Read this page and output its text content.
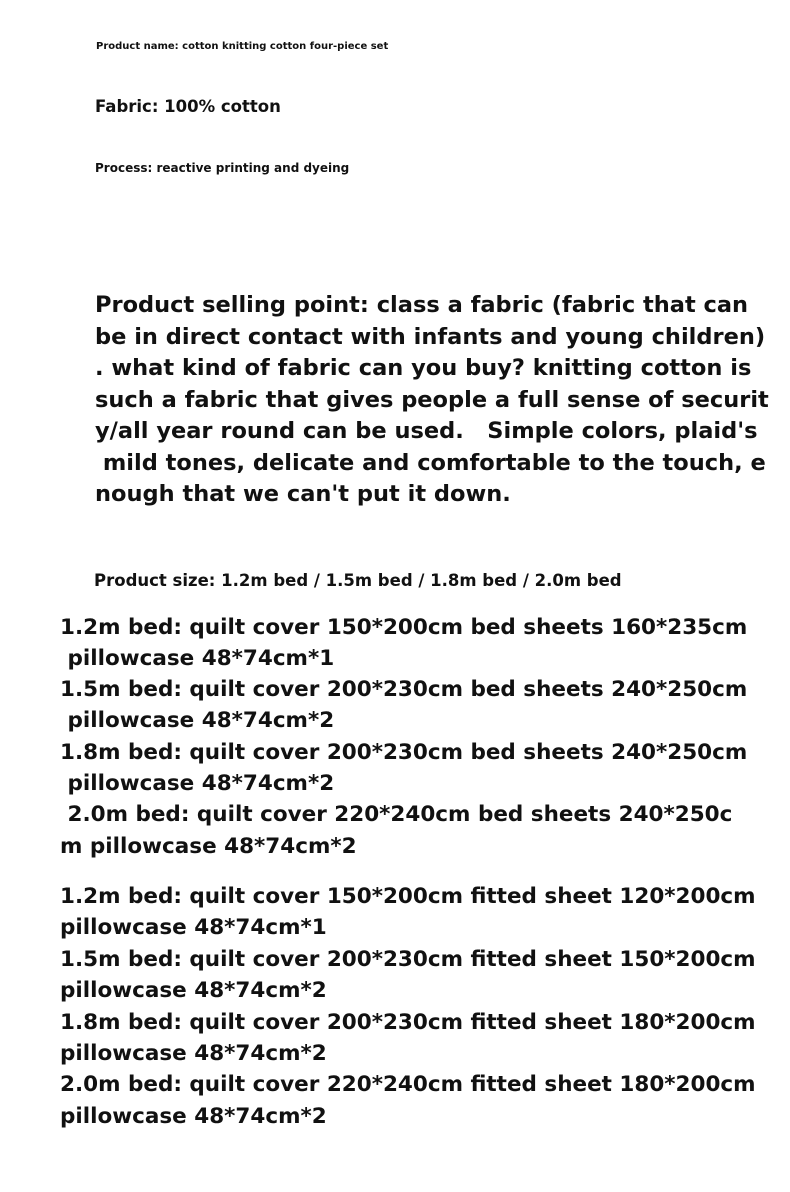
Product name: cotton knitting cotton four-piece set

Fabric: 100% cotton

Process: reactive printing and dyeing

Product selling point: class a fabric (fabric that can

be in direct contact with infants and young children)

. what kind of fabric can you buy? knitting cotton is

such a fabric that gives people a full sense of securit

y/all year round can be used.   Simple colors, plaid's

mild tones, delicate and comfortable to the touch, e

nough that we can't put it down.

Product size: 1.2m bed / 1.5m bed / 1.8m bed / 2.0m bed

1.2m bed: quilt cover 150*200cm bed sheets 160*235cm

pillowcase 48*74cm*1

1.5m bed: quilt cover 200*230cm bed sheets 240*250cm

pillowcase 48*74cm*2

1.8m bed: quilt cover 200*230cm bed sheets 240*250cm

pillowcase 48*74cm*2

2.0m bed: quilt cover 220*240cm bed sheets 240*250c

m pillowcase 48*74cm*2

1.2m bed: quilt cover 150*200cm fitted sheet 120*200cm

pillowcase 48*74cm*1

1.5m bed: quilt cover 200*230cm fitted sheet 150*200cm

pillowcase 48*74cm*2

1.8m bed: quilt cover 200*230cm fitted sheet 180*200cm

pillowcase 48*74cm*2

2.0m bed: quilt cover 220*240cm fitted sheet 180*200cm

pillowcase 48*74cm*2
